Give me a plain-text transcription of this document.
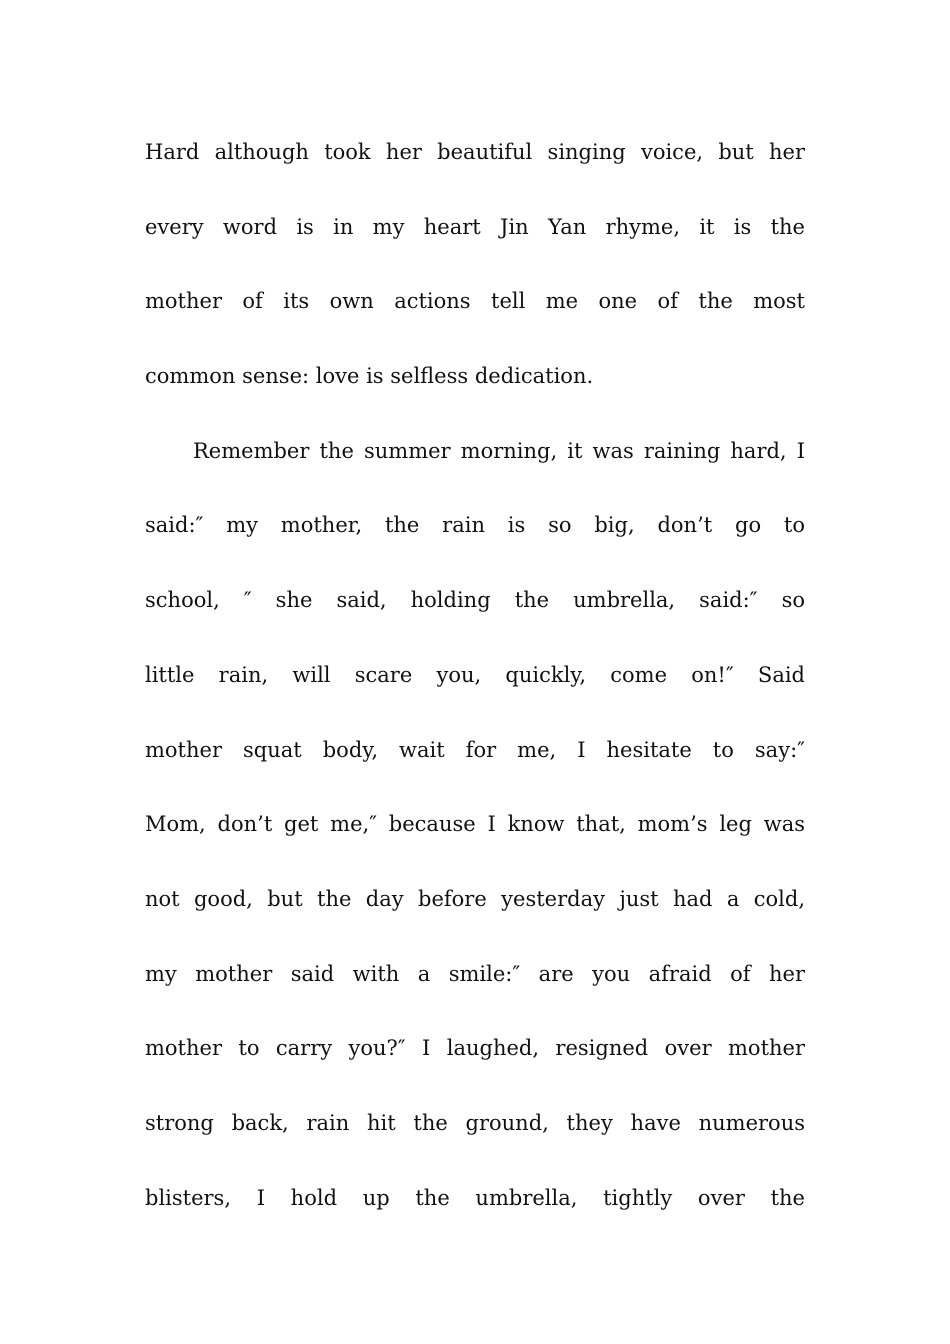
Hard although took her beautiful singing voice, but her
every word is in my heart Jin Yan rhyme, it is the
mother of its own actions tell me one of the most
common sense: love is selfless dedication.
Remember the summer morning, it was raining hard, I
said:″ my mother, the rain is so big, don’t go to
school, ″ she said, holding the umbrella, said:″ so
little rain, will scare you, quickly, come on!″ Said
mother squat body, wait for me, I hesitate to say:″
Mom, don’t get me,″ because I know that, mom’s leg was
not good, but the day before yesterday just had a cold,
my mother said with a smile:″ are you afraid of her
mother to carry you?″ I laughed, resigned over mother
strong back, rain hit the ground, they have numerous
blisters, I hold up the umbrella, tightly over the
